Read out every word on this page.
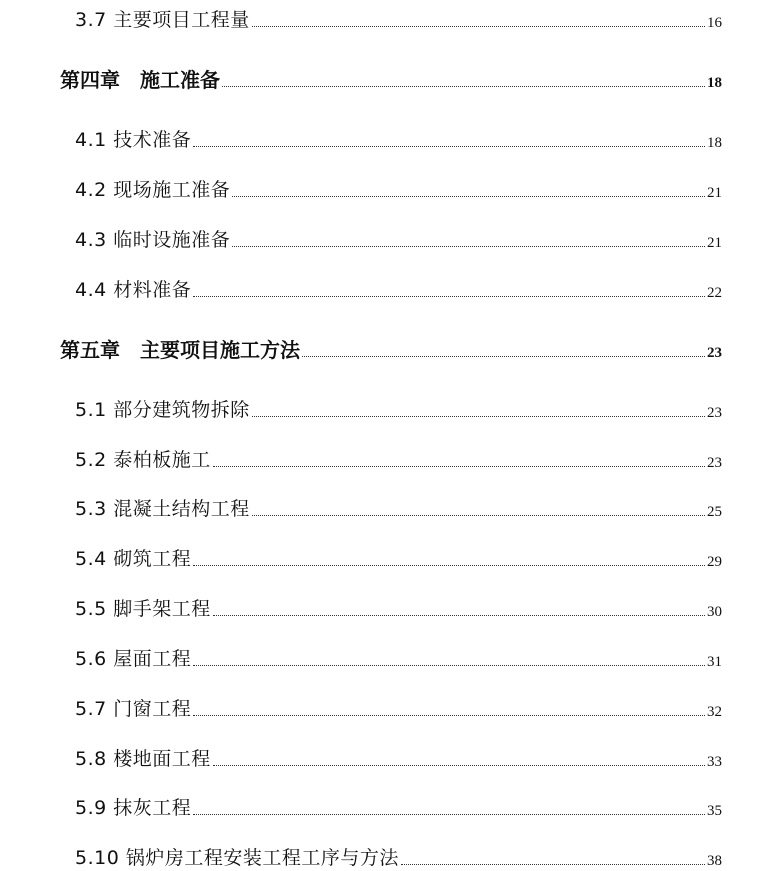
3.7 主要项目工程量	16
第四章　施工准备	18
4.1 技术准备	18
4.2 现场施工准备	21
4.3 临时设施准备	21
4.4 材料准备	22
第五章　主要项目施工方法	23
5.1 部分建筑物拆除	23
5.2 泰柏板施工	23
5.3 混凝土结构工程	25
5.4 砌筑工程	29
5.5 脚手架工程	30
5.6 屋面工程	31
5.7 门窗工程	32
5.8 楼地面工程	33
5.9 抹灰工程	35
5.10 锅炉房工程安装工程工序与方法	38
